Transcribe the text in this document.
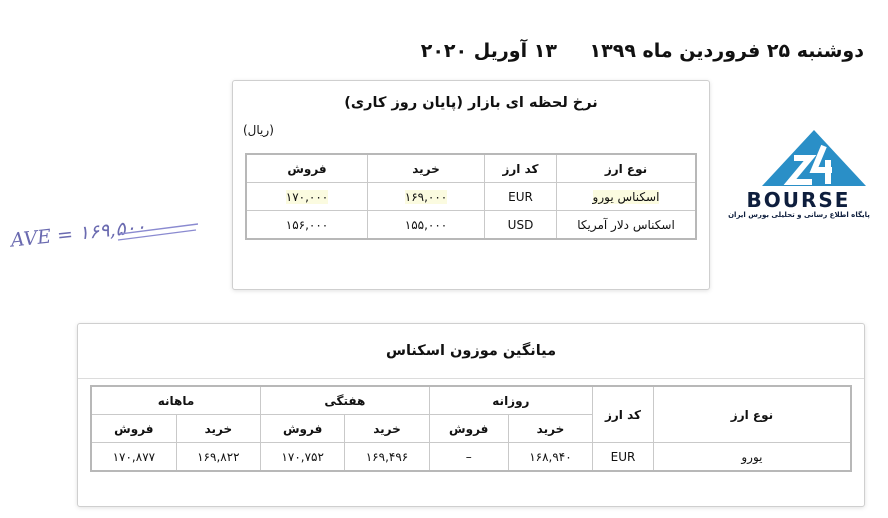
دوشنبه ۲۵ فروردین ماه ۱۳۹۹ ۱۳ آوریل ۲۰۲۰
AVE = ۱۶۹,۵۰۰
نرخ لحظه ای بازار (پایان روز کاری)
(ریال)
نوع ارز	کد ارز	خرید	فروش
اسکناس یورو	EUR	۱۶۹,۰۰۰	۱۷۰,۰۰۰
اسکناس دلار آمریکا	USD	۱۵۵,۰۰۰	۱۵۶,۰۰۰
BOURSE
پایگاه اطلاع رسانی و تحلیلی بورس ایران
میانگین موزون اسکناس
نوع ارز	کد ارز	روزانه		هفتگی		ماهانه	
		خرید	فروش	خرید	فروش	خرید	فروش
یورو	EUR	۱۶۸,۹۴۰	–	۱۶۹,۴۹۶	۱۷۰,۷۵۲	۱۶۹,۸۲۲	۱۷۰,۸۷۷
